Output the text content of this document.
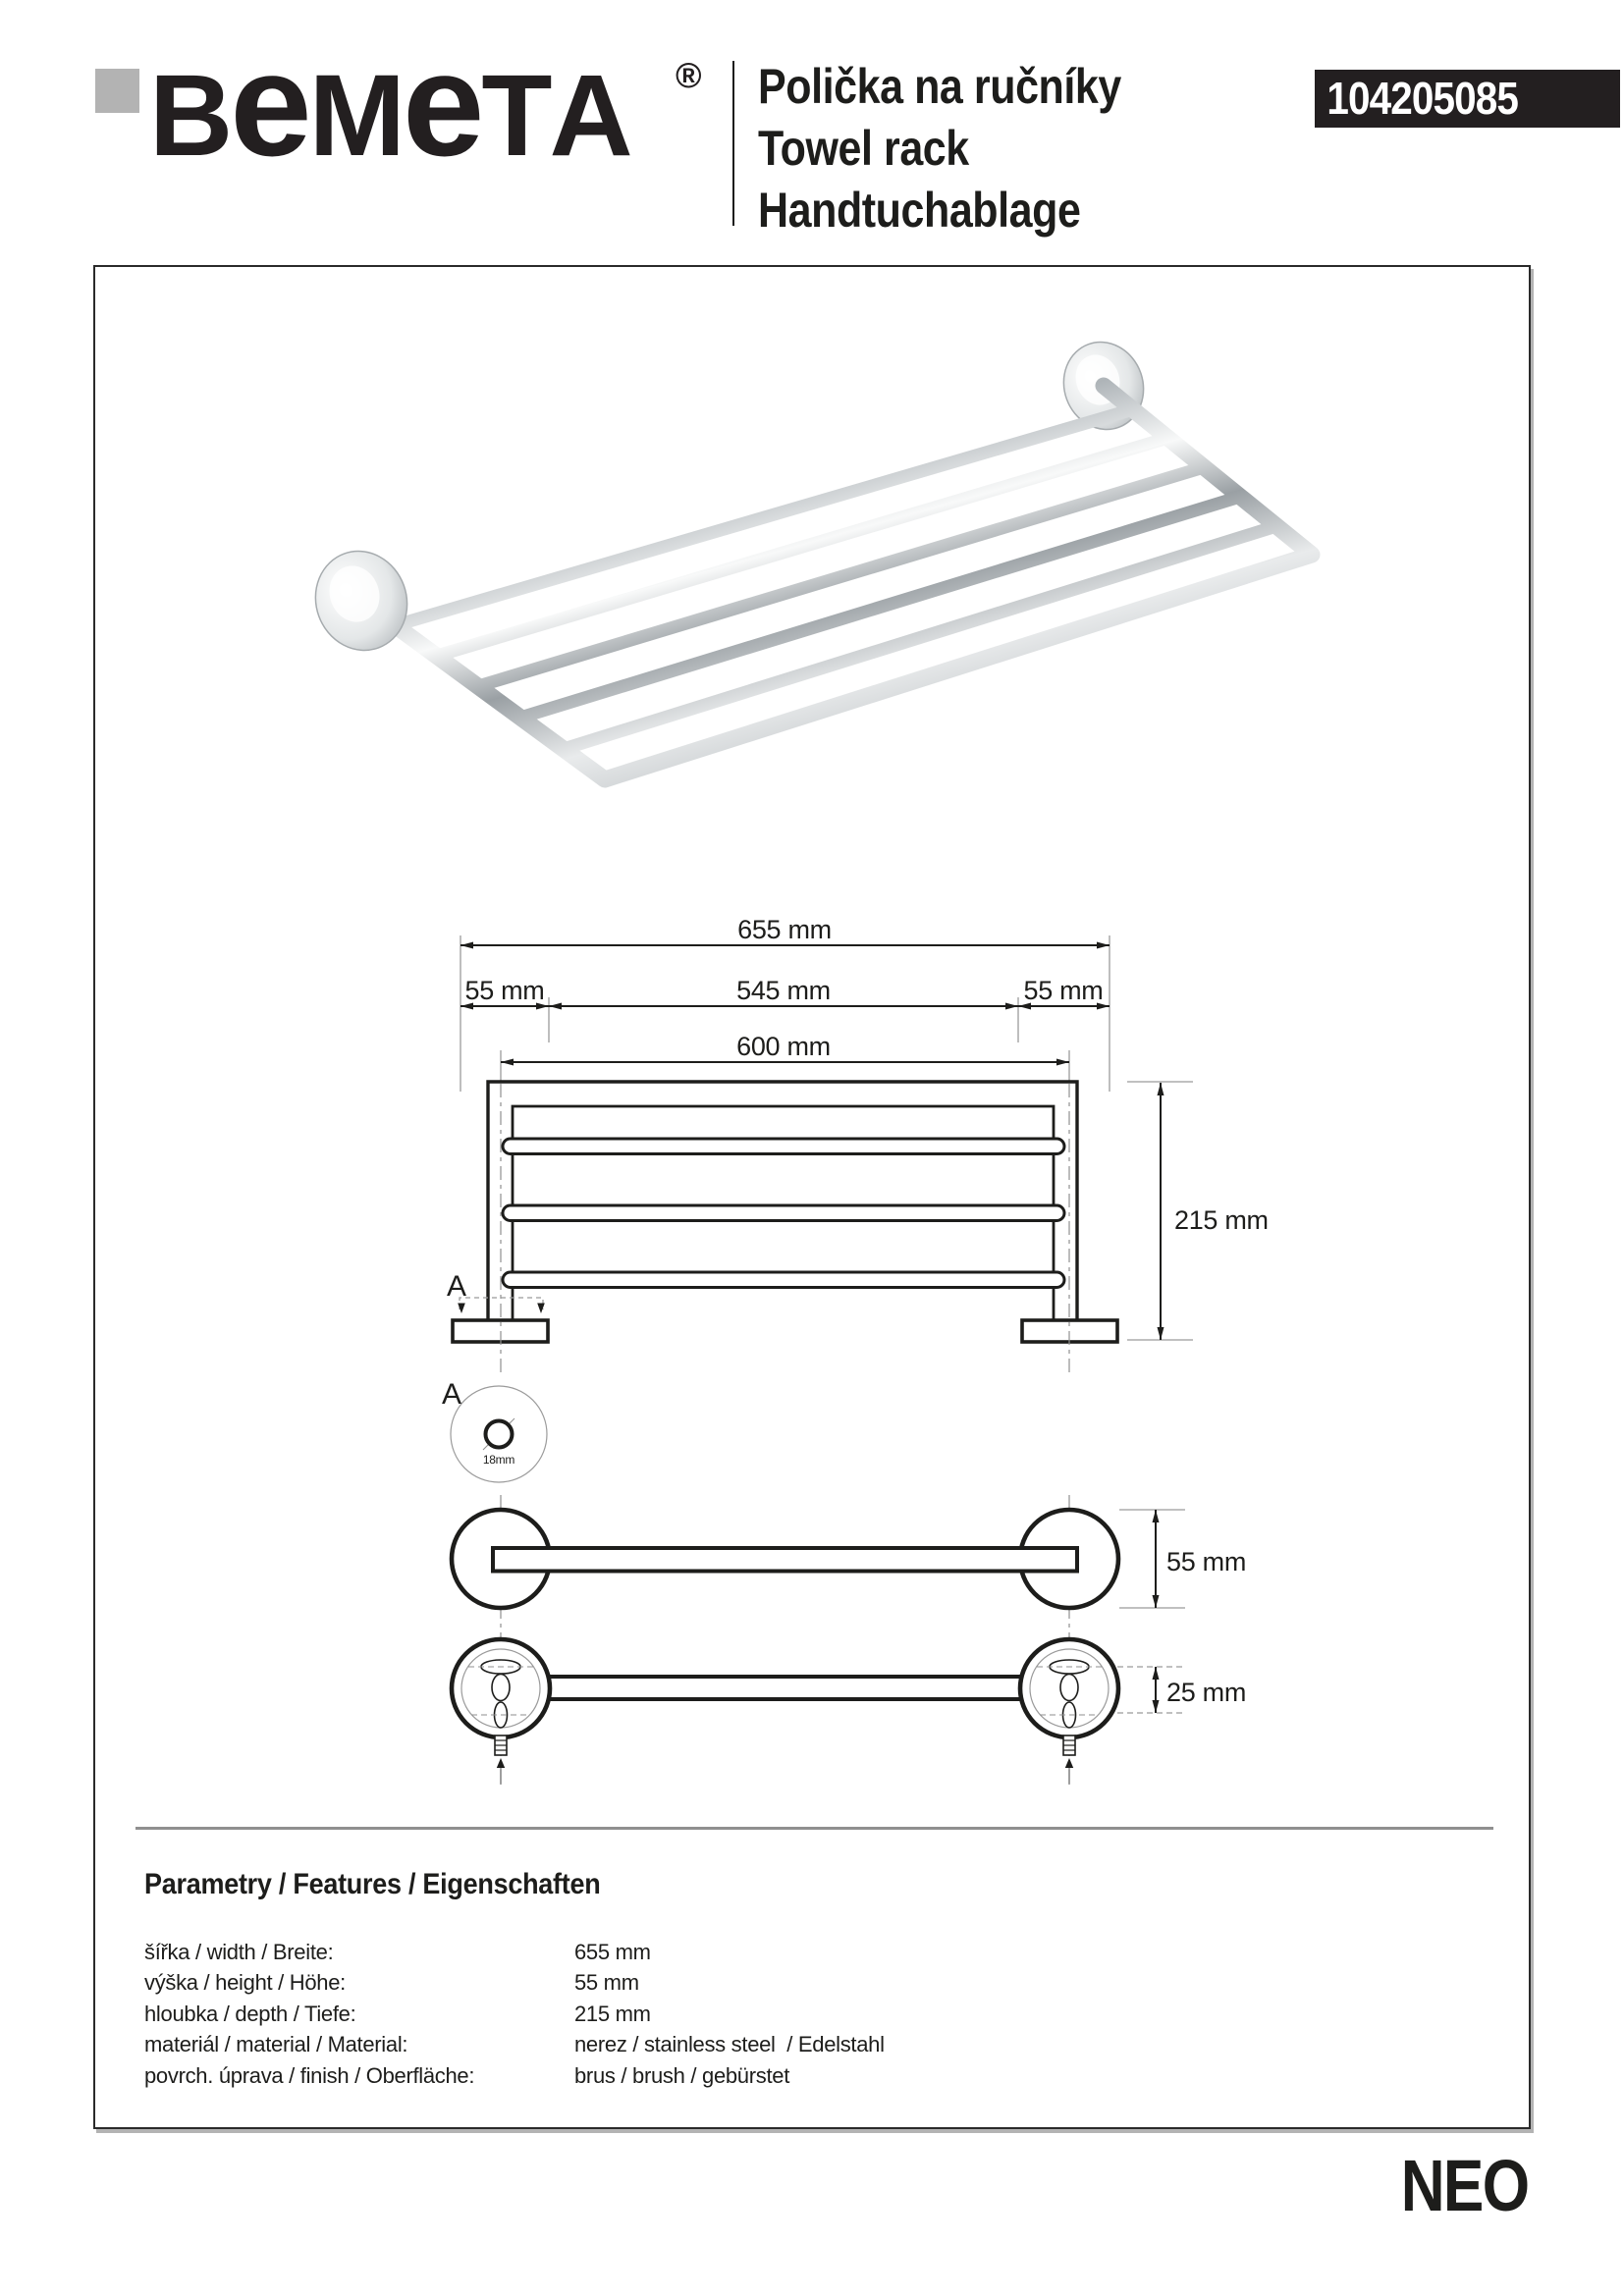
B e M e T A ® Polička na ručníky
Towel rack
Handtuchablage
104205085
655 mm
55 mm	545 mm	55 mm
600 mm
215 mm
55 mm
25 mm
A
A
18mm
Parametry / Features / Eigenschaften
šířka / width / Breite:	655 mm
výška / height / Höhe:	55 mm
hloubka / depth / Tiefe:	215 mm
materiál / material / Material:	nerez / stainless steel  / Edelstahl
povrch. úprava / finish / Oberfläche:	brus / brush / gebürstet
NEO
